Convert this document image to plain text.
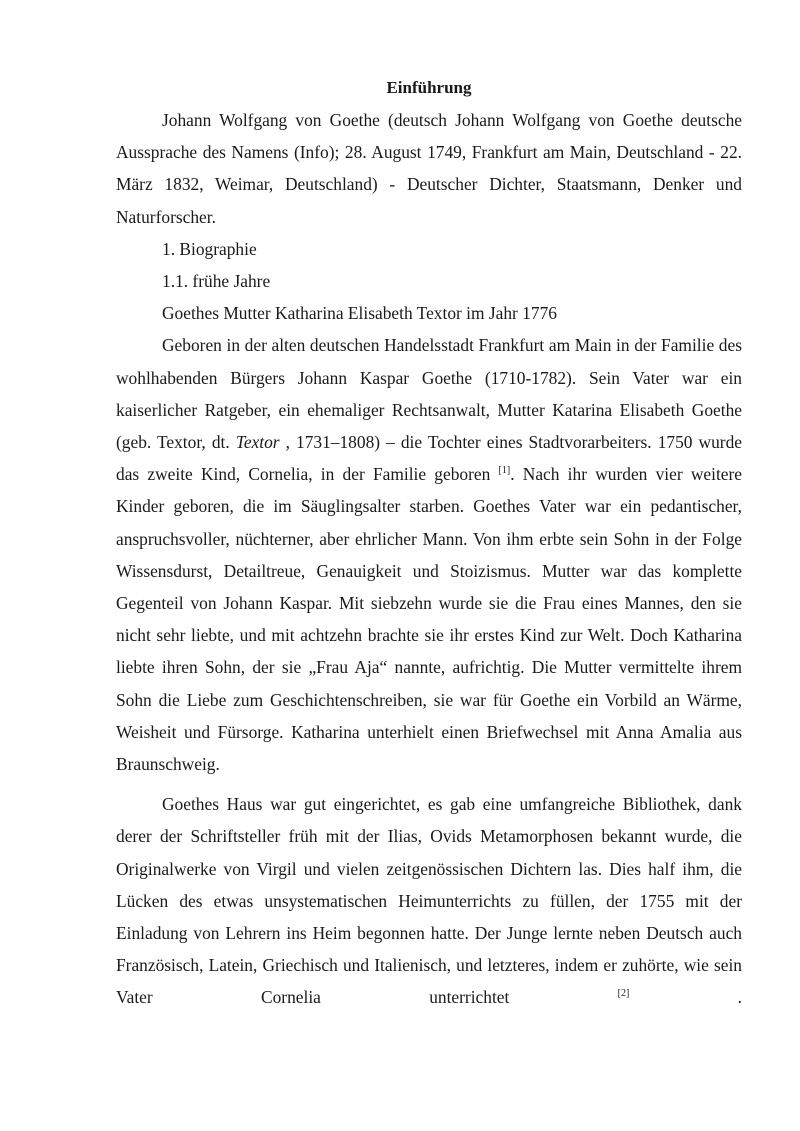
Einführung

Johann Wolfgang von Goethe (deutsch Johann Wolfgang von Goethe deutsche Aussprache des Namens (Info); 28. August 1749, Frankfurt am Main, Deutschland - 22. März 1832, Weimar, Deutschland) - Deutscher Dichter, Staatsmann, Denker und Naturforscher.

1. Biographie

1.1. frühe Jahre

Goethes Mutter Katharina Elisabeth Textor im Jahr 1776

Geboren in der alten deutschen Handelsstadt Frankfurt am Main in der Familie des wohlhabenden Bürgers Johann Kaspar Goethe (1710-1782). Sein Vater war ein kaiserlicher Ratgeber, ein ehemaliger Rechtsanwalt, Mutter Katarina Elisabeth Goethe (geb. Textor, dt. Textor , 1731–1808) – die Tochter eines Stadtvorarbeiters. 1750 wurde das zweite Kind, Cornelia, in der Familie geboren [1]. Nach ihr wurden vier weitere Kinder geboren, die im Säuglingsalter starben. Goethes Vater war ein pedantischer, anspruchsvoller, nüchterner, aber ehrlicher Mann. Von ihm erbte sein Sohn in der Folge Wissensdurst, Detailtreue, Genauigkeit und Stoizismus. Mutter war das komplette Gegenteil von Johann Kaspar. Mit siebzehn wurde sie die Frau eines Mannes, den sie nicht sehr liebte, und mit achtzehn brachte sie ihr erstes Kind zur Welt. Doch Katharina liebte ihren Sohn, der sie „Frau Aja“ nannte, aufrichtig. Die Mutter vermittelte ihrem Sohn die Liebe zum Geschichtenschreiben, sie war für Goethe ein Vorbild an Wärme, Weisheit und Fürsorge. Katharina unterhielt einen Briefwechsel mit Anna Amalia aus Braunschweig.

Goethes Haus war gut eingerichtet, es gab eine umfangreiche Bibliothek, dank derer der Schriftsteller früh mit der Ilias, Ovids Metamorphosen bekannt wurde, die Originalwerke von Virgil und vielen zeitgenössischen Dichtern las. Dies half ihm, die Lücken des etwas unsystematischen Heimunterrichts zu füllen, der 1755 mit der Einladung von Lehrern ins Heim begonnen hatte. Der Junge lernte neben Deutsch auch Französisch, Latein, Griechisch und Italienisch, und letzteres, indem er zuhörte, wie sein Vater Cornelia unterrichtet [2] .
